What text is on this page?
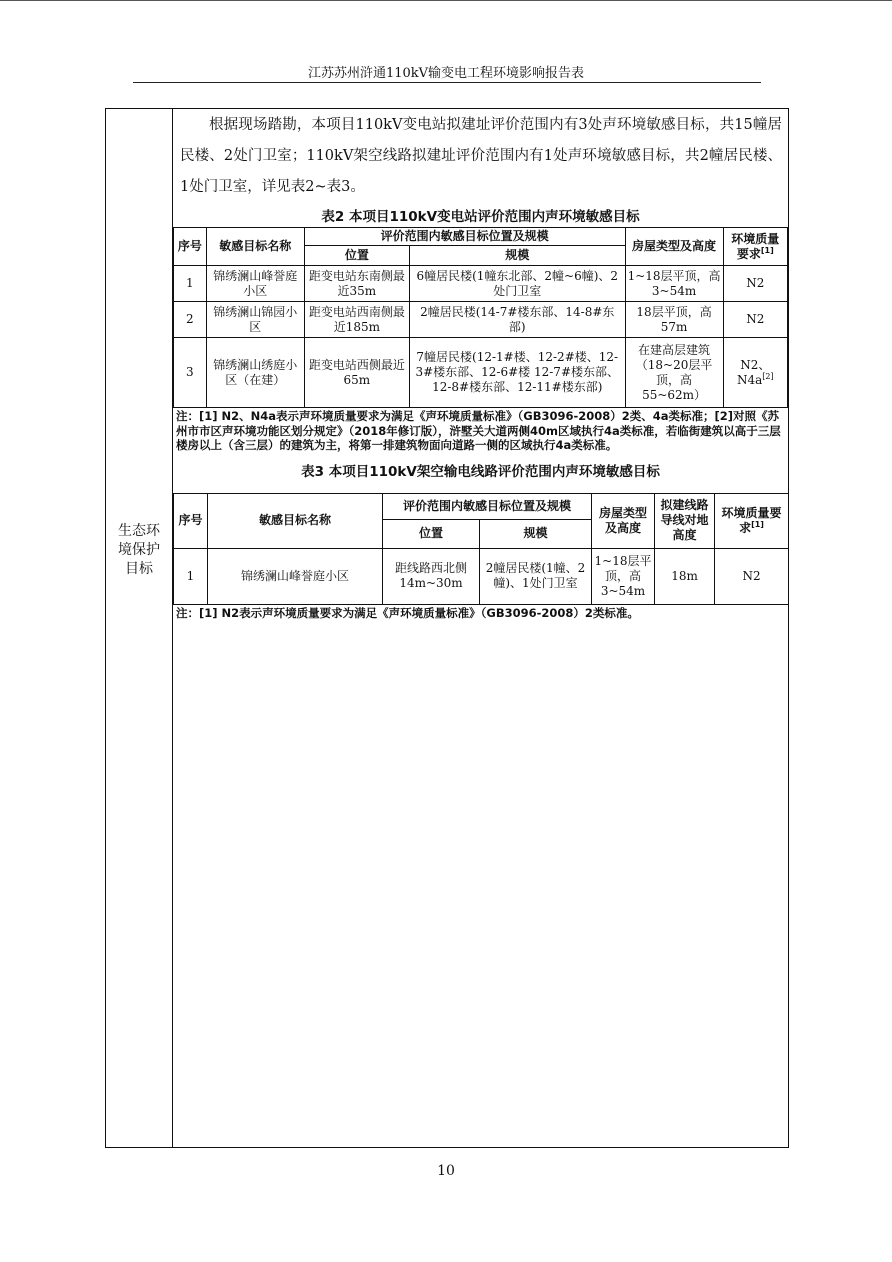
江苏苏州浒通110kV输变电工程环境影响报告表
生态环
境保护
目标
根据现场踏勘，本项目110kV变电站拟建址评价范围内有3处声环境敏感目标，共15幢居民楼、2处门卫室；110kV架空线路拟建址评价范围内有1处声环境敏感目标，共2幢居民楼、1处门卫室，详见表2~表3。
表2 本项目110kV变电站评价范围内声环境敏感目标
序号	敏感目标名称	评价范围内敏感目标位置及规模		房屋类型及高度	环境质量要求[1]
		位置	规模		
1	锦绣澜山峰誉庭小区	距变电站东南侧最近35m	6幢居民楼(1幢东北部、2幢~6幢)、2处门卫室	1~18层平顶，高3~54m	N2
2	锦绣澜山锦园小区	距变电站西南侧最近185m	2幢居民楼(14-7#楼东部、14-8#东部)	18层平顶，高57m	N2
3	锦绣澜山绣庭小区（在建）	距变电站西侧最近65m	7幢居民楼(12-1#楼、12-2#楼、12-3#楼东部、12-6#楼 12-7#楼东部、12-8#楼东部、12-11#楼东部)	在建高层建筑（18~20层平顶，高55~62m）	N2、N4a[2]
注：[1] N2、N4a表示声环境质量要求为满足《声环境质量标准》（GB3096-2008）2类、4a类标准；[2]对照《苏州市市区声环境功能区划分规定》（2018年修订版），浒墅关大道两侧40m区域执行4a类标准，若临街建筑以高于三层楼房以上（含三层）的建筑为主，将第一排建筑物面向道路一侧的区域执行4a类标准。
表3 本项目110kV架空输电线路评价范围内声环境敏感目标
序号	敏感目标名称	评价范围内敏感目标位置及规模		房屋类型及高度	拟建线路导线对地高度	环境质量要求[1]
		位置	规模			
1	锦绣澜山峰誉庭小区	距线路西北侧14m~30m	2幢居民楼(1幢、2幢)、1处门卫室	1~18层平顶，高3~54m	18m	N2
注：[1] N2表示声环境质量要求为满足《声环境质量标准》（GB3096-2008）2类标准。
10
